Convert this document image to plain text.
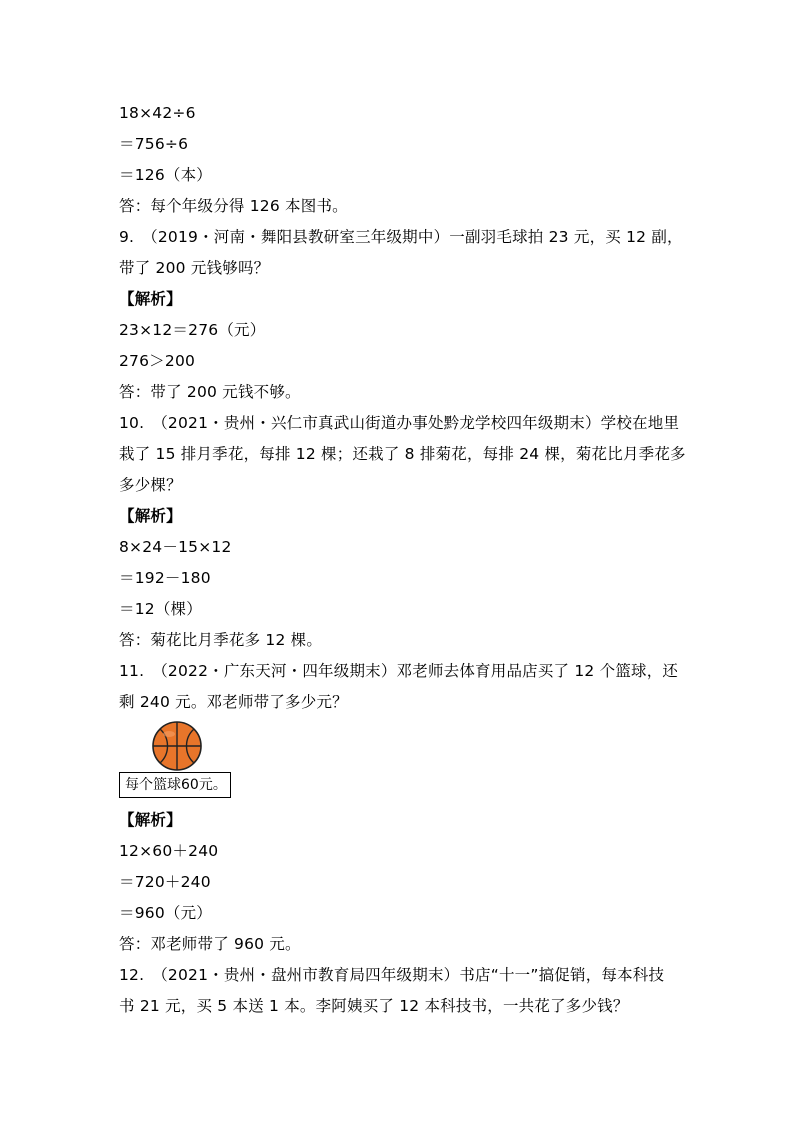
18×42÷6
＝756÷6
＝126（本）
答：每个年级分得 126 本图书。
9.　（2019・河南・舞阳县教研室三年级期中）一副羽毛球拍 23 元，买 12 副，
带了 200 元钱够吗？
【解析】
23×12＝276（元）
276＞200
答：带了 200 元钱不够。
10.　（2021・贵州・兴仁市真武山街道办事处黔龙学校四年级期末）学校在地里
栽了 15 排月季花，每排 12 棵；还栽了 8 排菊花，每排 24 棵，菊花比月季花多
多少棵？
【解析】
8×24－15×12
＝192－180
＝12（棵）
答：菊花比月季花多 12 棵。
11.　（2022・广东天河・四年级期末）邓老师去体育用品店买了 12 个篮球，还
剩 240 元。邓老师带了多少元？
每个篮球60元。
【解析】
12×60＋240
＝720＋240
＝960（元）
答：邓老师带了 960 元。
12.　（2021・贵州・盘州市教育局四年级期末）书店“十一”搞促销，每本科技
书 21 元，买 5 本送 1 本。李阿姨买了 12 本科技书，一共花了多少钱？
